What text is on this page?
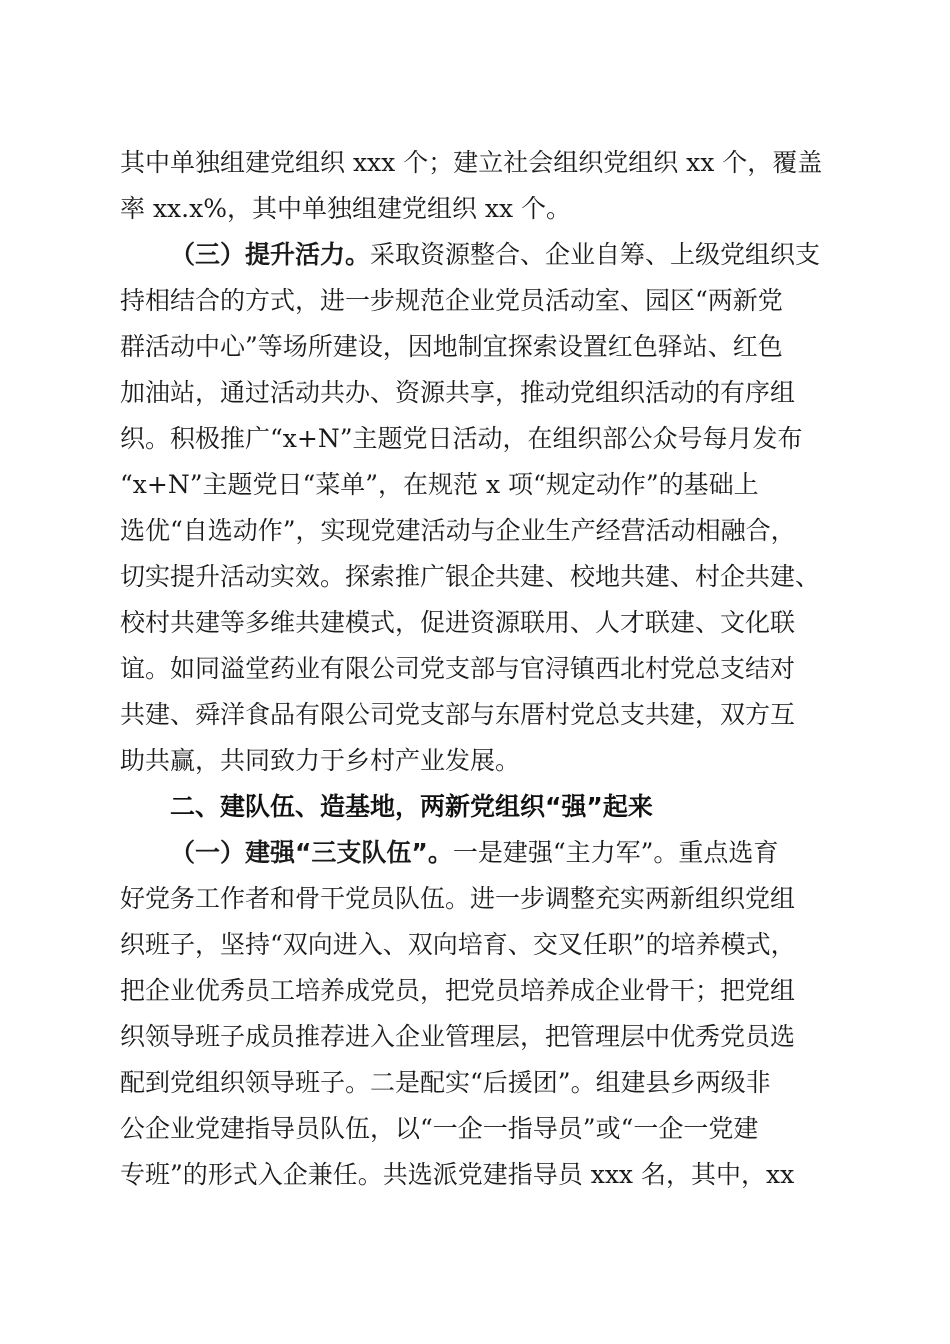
其中单独组建党组织 xxx 个；建立社会组织党组织 xx 个，覆盖
率 xx.x%，其中单独组建党组织 xx 个。
（三）提升活力。采取资源整合、企业自筹、上级党组织支
持相结合的方式，进一步规范企业党员活动室、园区“两新党
群活动中心”等场所建设，因地制宜探索设置红色驿站、红色
加油站，通过活动共办、资源共享，推动党组织活动的有序组
织。积极推广“x+N”主题党日活动，在组织部公众号每月发布
“x+N”主题党日“菜单”，在规范 x 项“规定动作”的基础上
选优“自选动作”，实现党建活动与企业生产经营活动相融合，
切实提升活动实效。探索推广银企共建、校地共建、村企共建、
校村共建等多维共建模式，促进资源联用、人才联建、文化联
谊。如同溢堂药业有限公司党支部与官浔镇西北村党总支结对
共建、舜洋食品有限公司党支部与东厝村党总支共建，双方互
助共赢，共同致力于乡村产业发展。
二、建队伍、造基地，两新党组织“强”起来
（一）建强“三支队伍”。一是建强“主力军”。重点选育
好党务工作者和骨干党员队伍。进一步调整充实两新组织党组
织班子，坚持“双向进入、双向培育、交叉任职”的培养模式，
把企业优秀员工培养成党员，把党员培养成企业骨干；把党组
织领导班子成员推荐进入企业管理层，把管理层中优秀党员选
配到党组织领导班子。二是配实“后援团”。组建县乡两级非
公企业党建指导员队伍，以“一企一指导员”或“一企一党建
专班”的形式入企兼任。共选派党建指导员 xxx 名，其中，xx
